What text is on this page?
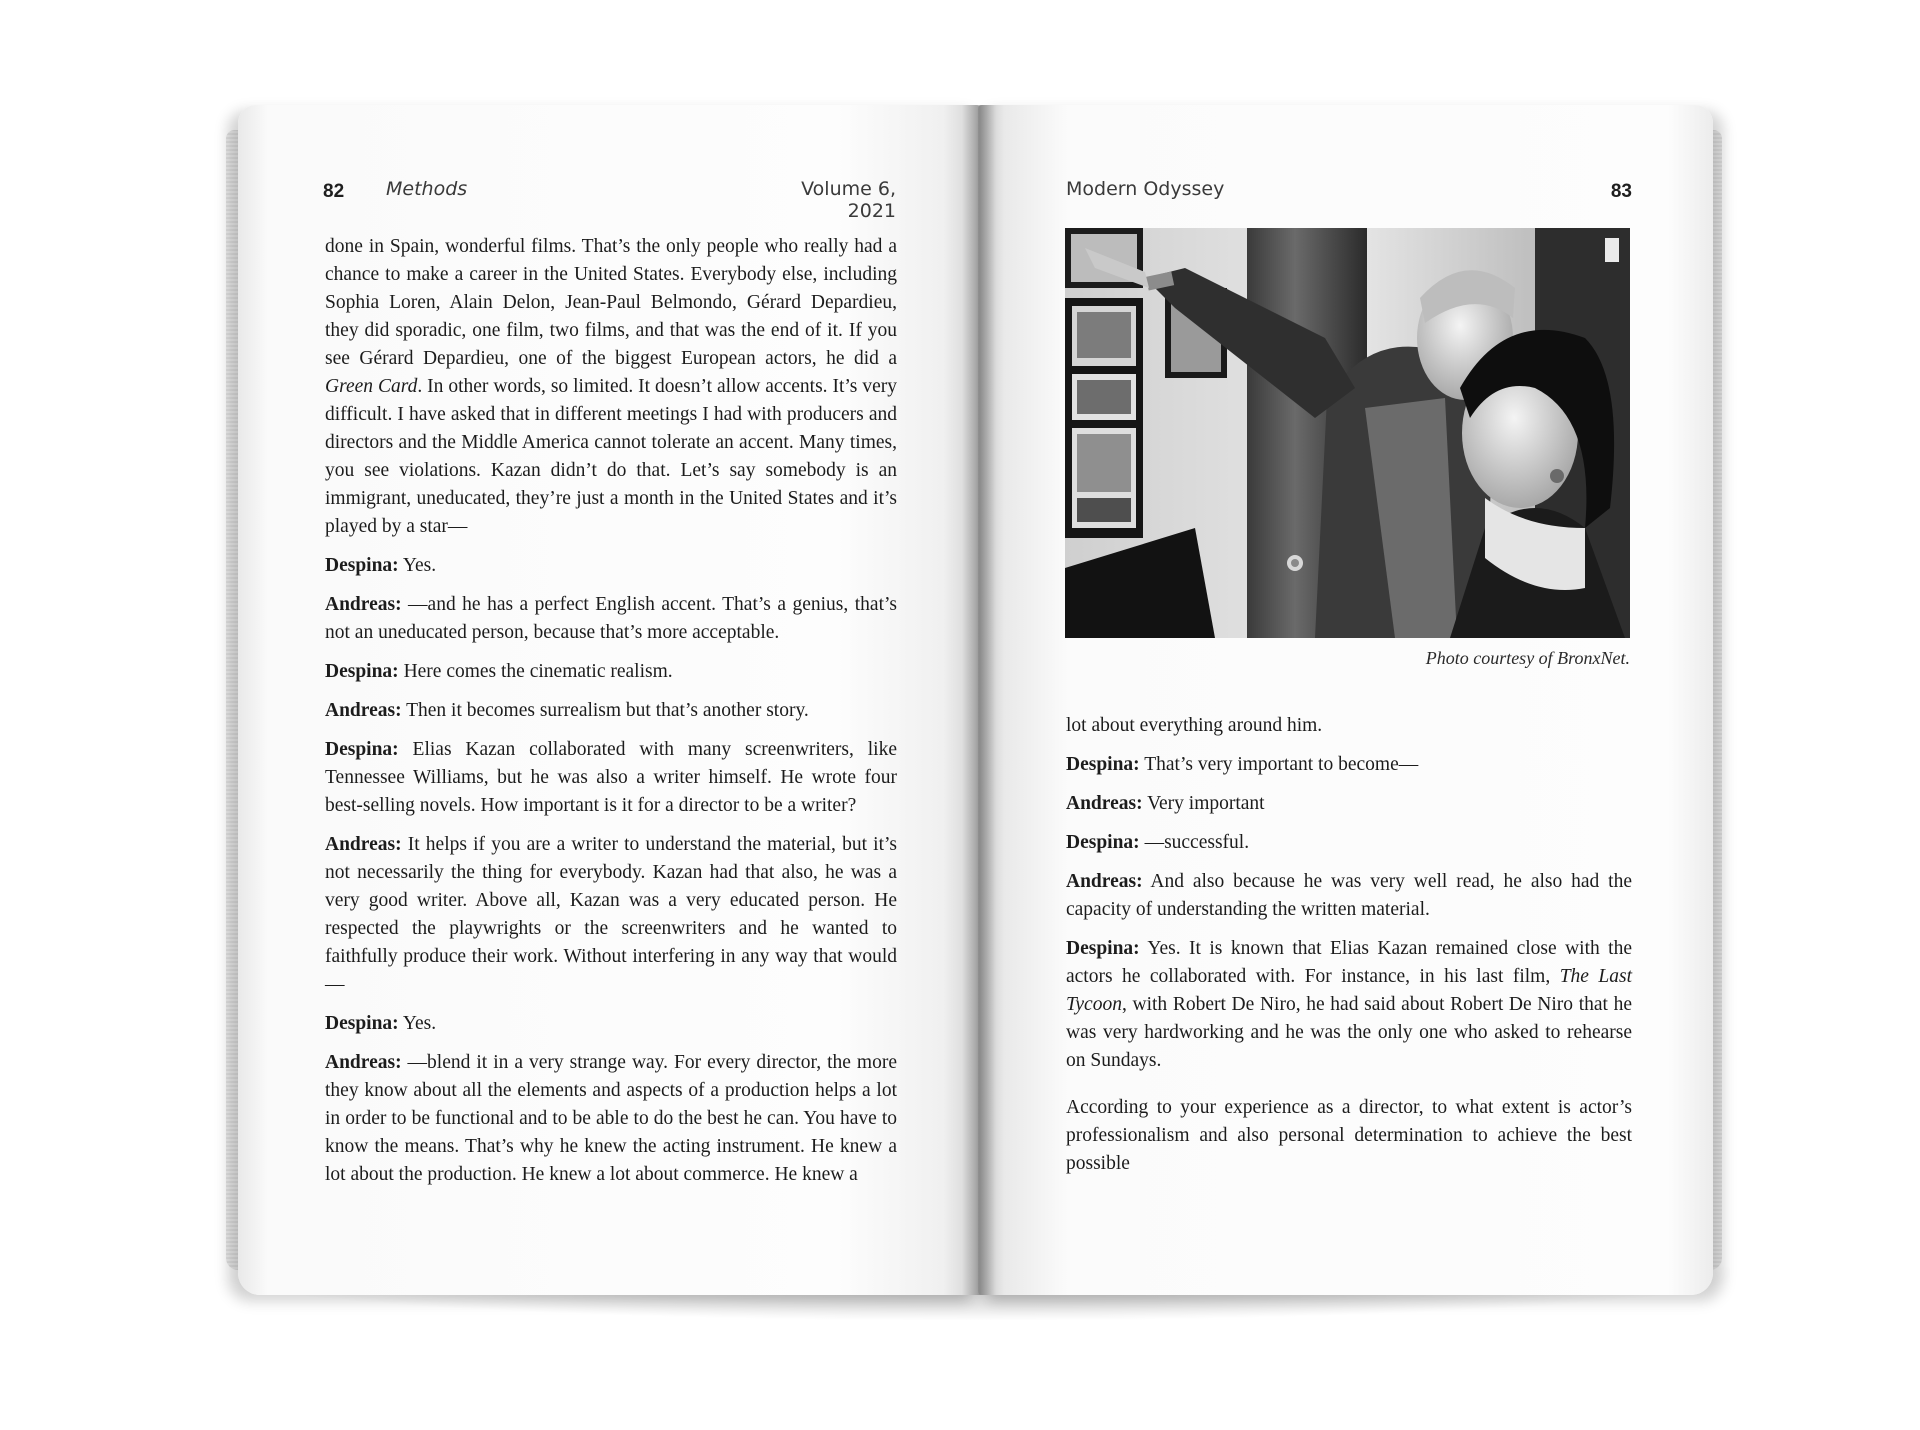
82 Methods	Volume 6, 2021

done in Spain, wonderful films. That’s the only people who really had a chance to make a career in the United States. Everybody else, including Sophia Loren, Alain Delon, Jean-Paul Belmondo, Gérard Depardieu, they did sporadic, one film, two films, and that was the end of it. If you see Gérard Depardieu, one of the biggest European actors, he did a Green Card. In other words, so limited. It doesn’t allow accents. It’s very difficult. I have asked that in different meetings I had with producers and directors and the Middle America cannot tolerate an accent. Many times, you see violations. Kazan didn’t do that. Let’s say somebody is an immigrant, uneducated, they’re just a month in the United States and it’s played by a star—

Despina: Yes.

Andreas: —and he has a perfect English accent. That’s a genius, that’s not an uneducated person, because that’s more acceptable.

Despina: Here comes the cinematic realism.

Andreas: Then it becomes surrealism but that’s another story.

Despina: Elias Kazan collaborated with many screenwriters, like Tennessee Williams, but he was also a writer himself. He wrote four best-selling novels. How important is it for a director to be a writer?

Andreas: It helps if you are a writer to understand the material, but it’s not necessarily the thing for everybody. Kazan had that also, he was a very good writer. Above all, Kazan was a very educated person. He respected the playwrights or the screenwriters and he wanted to faithfully produce their work. Without interfering in any way that would—

Despina: Yes.

Andreas: —blend it in a very strange way. For every director, the more they know about all the elements and aspects of a production helps a lot in order to be functional and to be able to do the best he can. You have to know the means. That’s why he knew the acting instrument. He knew a lot about the production. He knew a lot about commerce. He knew a

Modern Odyssey	83
Photo courtesy of BronxNet.

lot about everything around him.

Despina: That’s very important to become—

Andreas: Very important

Despina: —successful.

Andreas: And also because he was very well read, he also had the capacity of understanding the written material.

Despina: Yes. It is known that Elias Kazan remained close with the actors he collaborated with. For instance, in his last film, The Last Tycoon, with Robert De Niro, he had said about Robert De Niro that he was very hardworking and he was the only one who asked to rehearse on Sundays.

According to your experience as a director, to what extent is actor’s professionalism and also personal determination to achieve the best possible
